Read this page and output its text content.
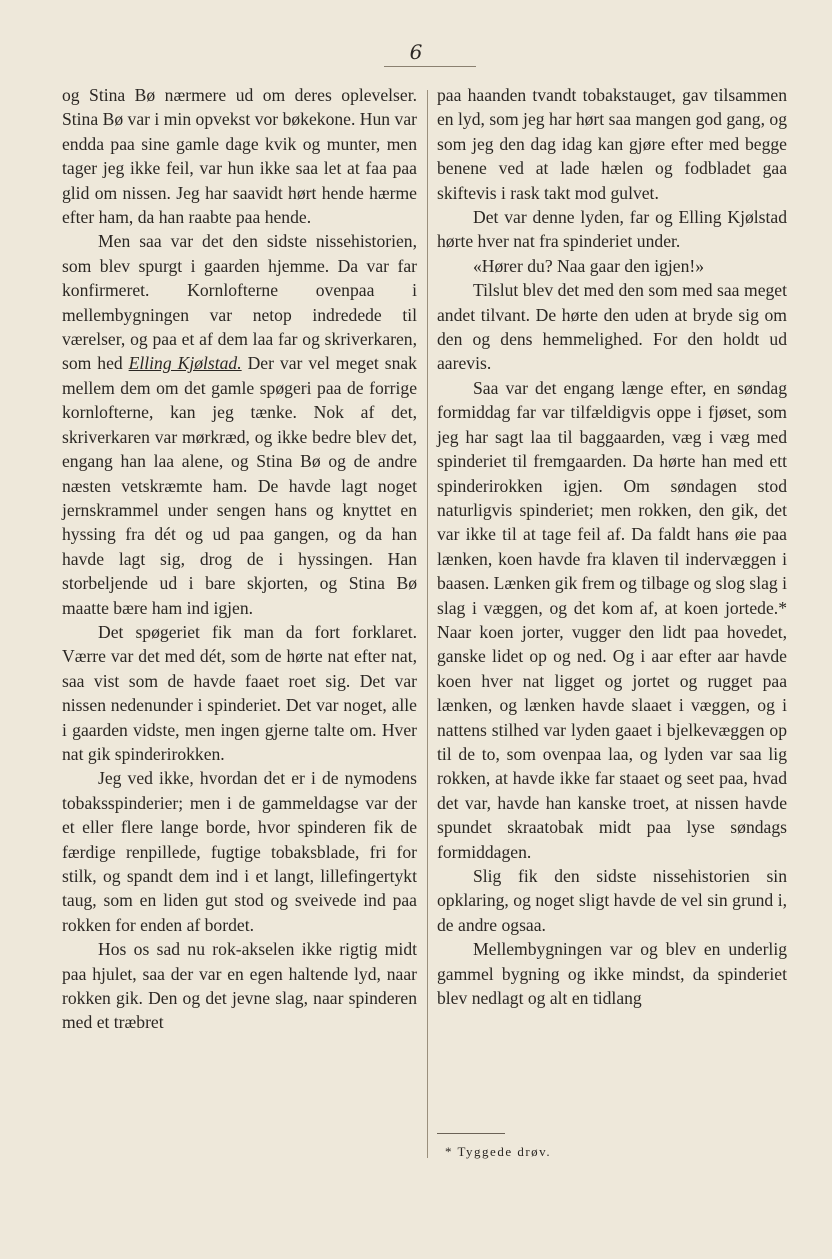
6

og Stina Bø nærmere ud om deres oplevelser. Stina Bø var i min opvekst vor bøkekone. Hun var endda paa sine gamle dage kvik og munter, men tager jeg ikke feil, var hun ikke saa let at faa paa glid om nissen. Jeg har saavidt hørt hende hærme efter ham, da han raabte paa hende.

Men saa var det den sidste nissehistorien, som blev spurgt i gaarden hjemme. Da var far konfirmeret. Kornlofterne ovenpaa i mellembygningen var netop indredede til værelser, og paa et af dem laa far og skriverkaren, som hed Elling Kjølstad. Der var vel meget snak mellem dem om det gamle spøgeri paa de forrige kornlofterne, kan jeg tænke. Nok af det, skriverkaren var mørkræd, og ikke bedre blev det, engang han laa alene, og Stina Bø og de andre næsten vetskræmte ham. De havde lagt noget jernskrammel under sengen hans og knyttet en hyssing fra dét og ud paa gangen, og da han havde lagt sig, drog de i hyssingen. Han storbeljende ud i bare skjorten, og Stina Bø maatte bære ham ind igjen.

Det spøgeriet fik man da fort forklaret. Værre var det med dét, som de hørte nat efter nat, saa vist som de havde faaet roet sig. Det var nissen nedenunder i spinderiet. Det var noget, alle i gaarden vidste, men ingen gjerne talte om. Hver nat gik spinderirokken.

Jeg ved ikke, hvordan det er i de nymodens tobaksspinderier; men i de gammeldagse var der et eller flere lange borde, hvor spinderen fik de færdige renpillede, fugtige tobaksblade, fri for stilk, og spandt dem ind i et langt, lillefingertykt taug, som en liden gut stod og sveivede ind paa rokken for enden af bordet.

Hos os sad nu rok-akselen ikke rigtig midt paa hjulet, saa der var en egen haltende lyd, naar rokken gik. Den og det jevne slag, naar spinderen med et træbret

paa haanden tvandt tobakstauget, gav tilsammen en lyd, som jeg har hørt saa mangen god gang, og som jeg den dag idag kan gjøre efter med begge benene ved at lade hælen og fodbladet gaa skiftevis i rask takt mod gulvet.

Det var denne lyden, far og Elling Kjølstad hørte hver nat fra spinderiet under.

«Hører du? Naa gaar den igjen!»

Tilslut blev det med den som med saa meget andet tilvant. De hørte den uden at bryde sig om den og dens hemmelighed. For den holdt ud aarevis.

Saa var det engang længe efter, en søndag formiddag far var tilfældigvis oppe i fjøset, som jeg har sagt laa til baggaarden, væg i væg med spinderiet til fremgaarden. Da hørte han med ett spinderirokken igjen. Om søndagen stod naturligvis spinderiet; men rokken, den gik, det var ikke til at tage feil af. Da faldt hans øie paa lænken, koen havde fra klaven til indervæggen i baasen. Lænken gik frem og tilbage og slog slag i slag i væggen, og det kom af, at koen jortede.* Naar koen jorter, vugger den lidt paa hovedet, ganske lidet op og ned. Og i aar efter aar havde koen hver nat ligget og jortet og rugget paa lænken, og lænken havde slaaet i væggen, og i nattens stilhed var lyden gaaet i bjelkevæggen op til de to, som ovenpaa laa, og lyden var saa lig rokken, at havde ikke far staaet og seet paa, hvad det var, havde han kanske troet, at nissen havde spundet skraatobak midt paa lyse søndags formiddagen.

Slig fik den sidste nissehistorien sin opklaring, og noget sligt havde de vel sin grund i, de andre ogsaa.

Mellembygningen var og blev en underlig gammel bygning og ikke mindst, da spinderiet blev nedlagt og alt en tidlang

* Tyggede drøv.
